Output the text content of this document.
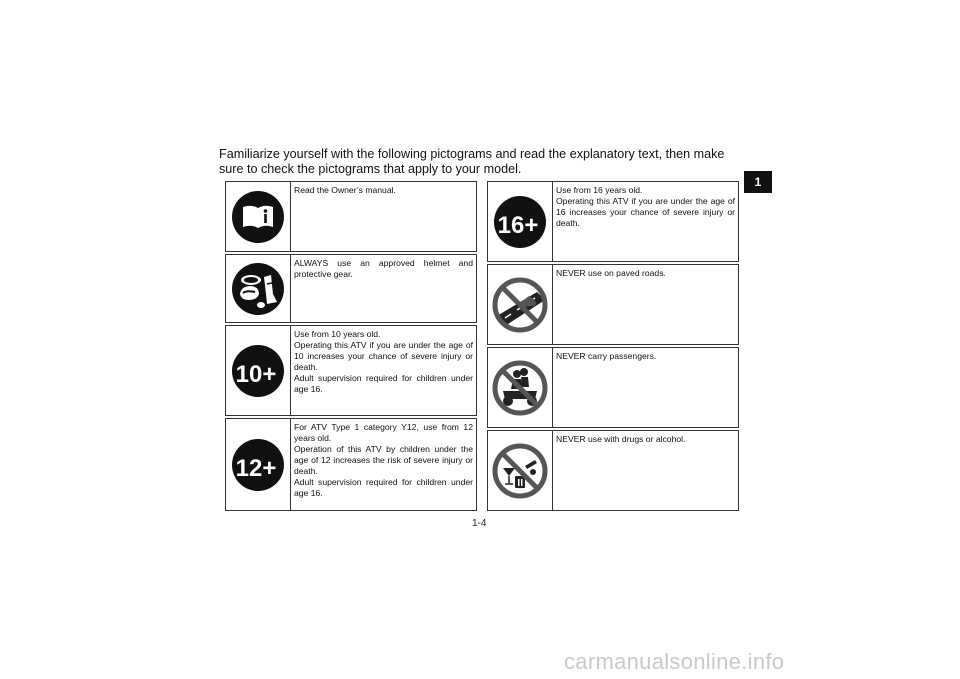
Familiarize yourself with the following pictograms and read the explanatory text, then make sure to check the pictograms that apply to your model.
1
Read the Owner’s manual.
ALWAYS use an approved helmet and protective gear.
10+
Use from 10 years old.
Operating this ATV if you are under the age of 10 increases your chance of severe injury or death.
Adult supervision required for children under age 16.
12+
For ATV Type 1 category Y12, use from 12 years old.
Operation of this ATV by children under the age of 12 increases the risk of severe injury or death.
Adult supervision required for children under age 16.
16+
Use from 16 years old.
Operating this ATV if you are under the age of 16 increases your chance of severe injury or death.
NEVER use on paved roads.
NEVER carry passengers.
NEVER use with drugs or alcohol.
1-4
carmanualsonline.info
